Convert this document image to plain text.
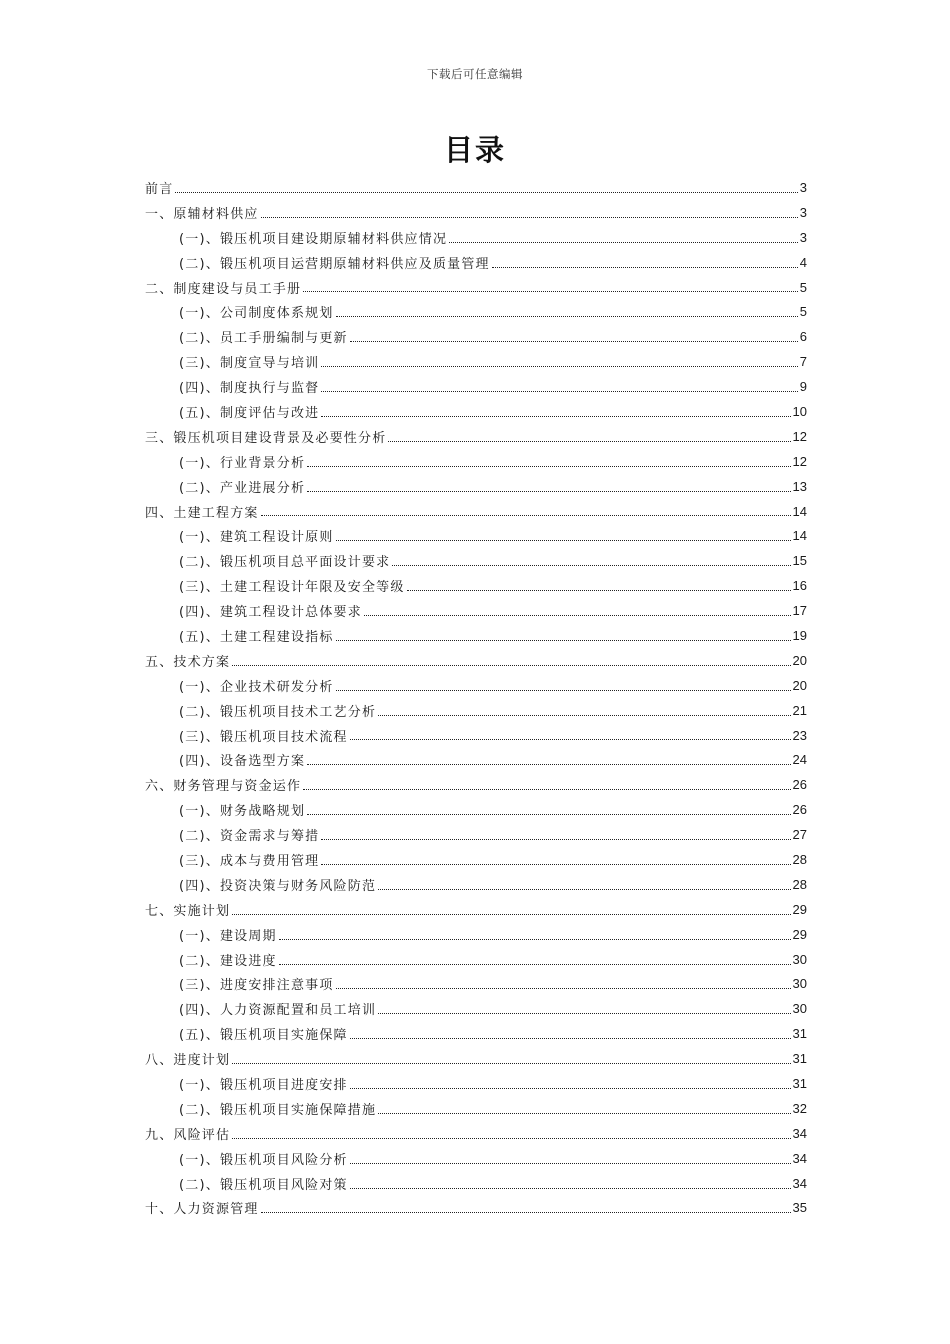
下载后可任意编辑
目录
前言	3
一、原辅材料供应	3
(一)、锻压机项目建设期原辅材料供应情况	3
(二)、锻压机项目运营期原辅材料供应及质量管理	4
二、制度建设与员工手册	5
(一)、公司制度体系规划	5
(二)、员工手册编制与更新	6
(三)、制度宣导与培训	7
(四)、制度执行与监督	9
(五)、制度评估与改进	10
三、锻压机项目建设背景及必要性分析	12
(一)、行业背景分析	12
(二)、产业进展分析	13
四、土建工程方案	14
(一)、建筑工程设计原则	14
(二)、锻压机项目总平面设计要求	15
(三)、土建工程设计年限及安全等级	16
(四)、建筑工程设计总体要求	17
(五)、土建工程建设指标	19
五、技术方案	20
(一)、企业技术研发分析	20
(二)、锻压机项目技术工艺分析	21
(三)、锻压机项目技术流程	23
(四)、设备选型方案	24
六、财务管理与资金运作	26
(一)、财务战略规划	26
(二)、资金需求与筹措	27
(三)、成本与费用管理	28
(四)、投资决策与财务风险防范	28
七、实施计划	29
(一)、建设周期	29
(二)、建设进度	30
(三)、进度安排注意事项	30
(四)、人力资源配置和员工培训	30
(五)、锻压机项目实施保障	31
八、进度计划	31
(一)、锻压机项目进度安排	31
(二)、锻压机项目实施保障措施	32
九、风险评估	34
(一)、锻压机项目风险分析	34
(二)、锻压机项目风险对策	34
十、人力资源管理	35
